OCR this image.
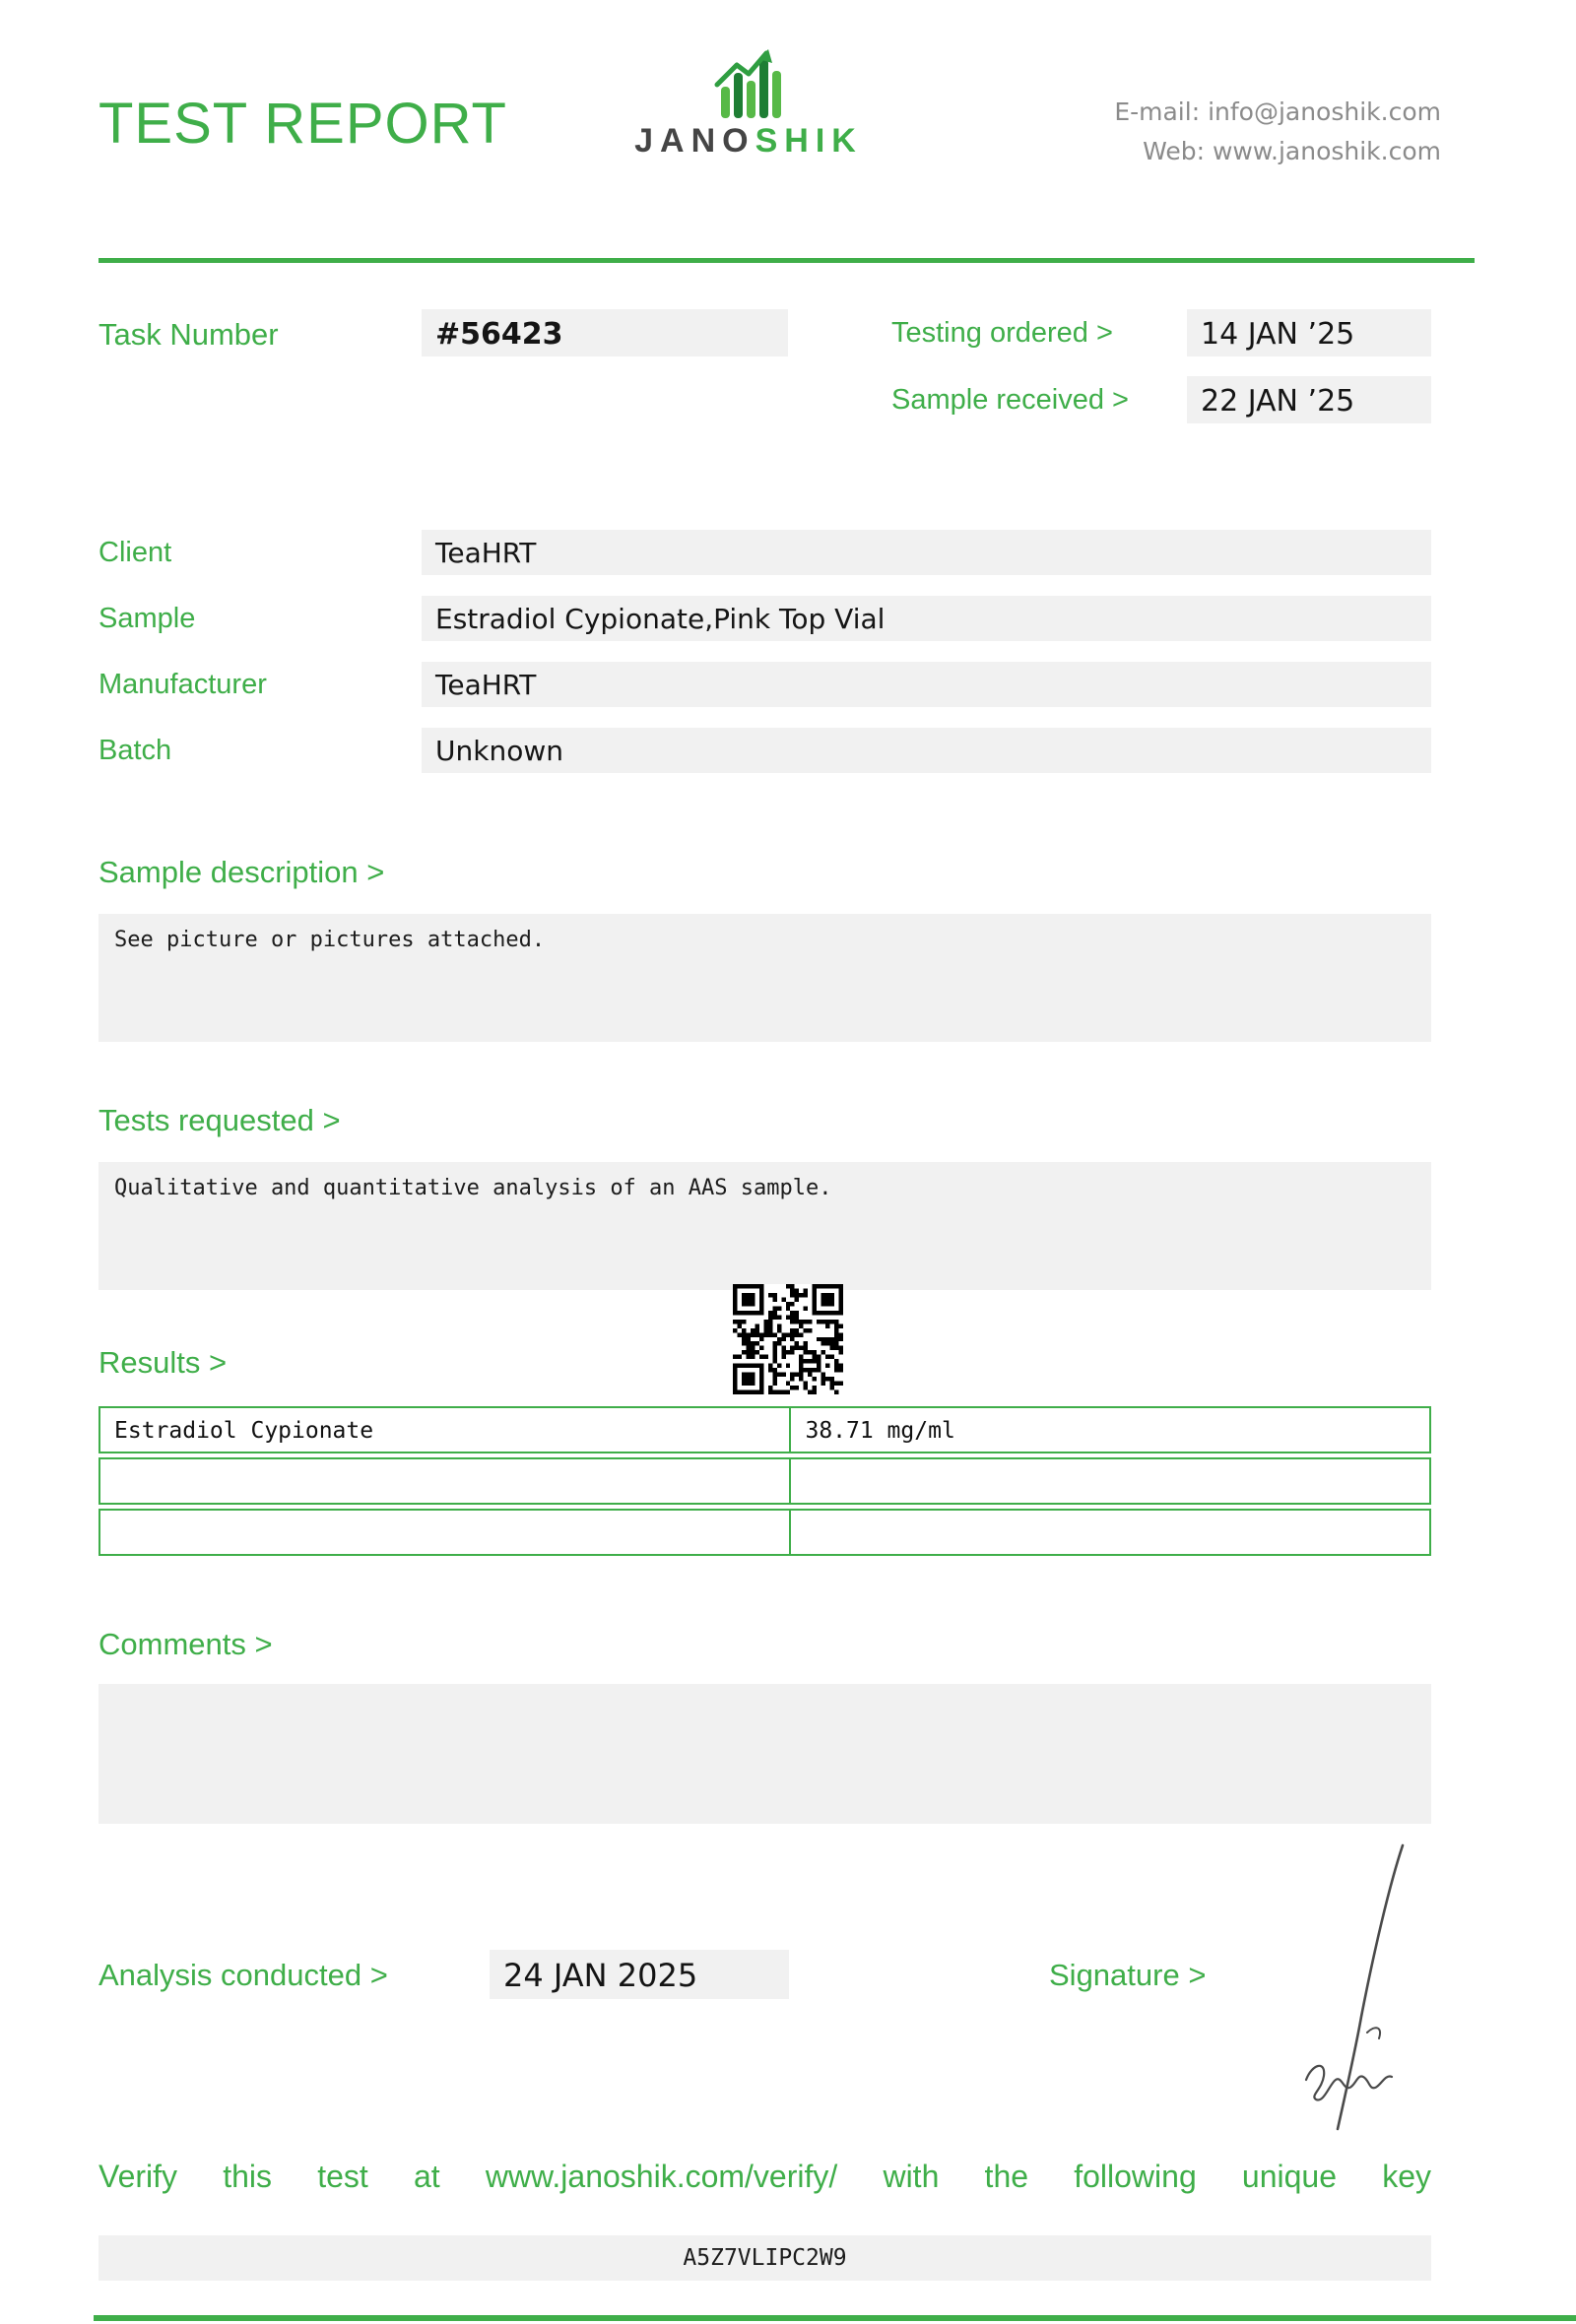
TEST REPORT	JANOSHIK
E-mail: info@janoshik.com
Web: www.janoshik.com
Task Number	#56423	Testing ordered >	14 JAN ’25
Sample received >	22 JAN ’25
Client	TeaHRT
Sample	Estradiol Cypionate,Pink Top Vial
Manufacturer	TeaHRT
Batch	Unknown
Sample description >
See picture or pictures attached.
Tests requested >
Qualitative and quantitative analysis of an AAS sample.
Results >
Estradiol Cypionate	38.71 mg/ml
Comments >
Analysis conducted >	24 JAN 2025	Signature >
Verify this test at www.janoshik.com/verify/ with the following unique key
A5Z7VLIPC2W9
